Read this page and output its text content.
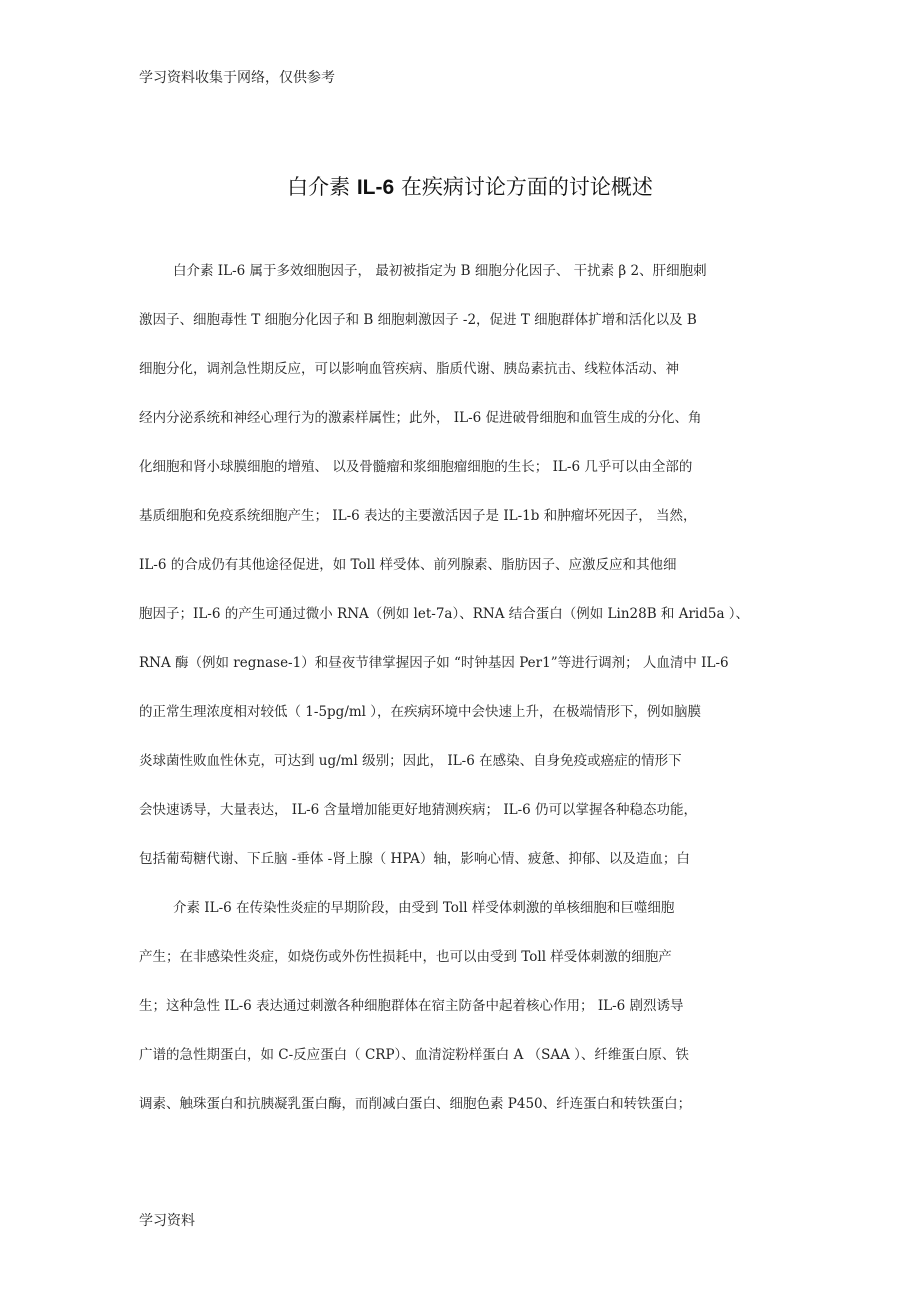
学习资料收集于网络，仅供参考
白介素 IL-6 在疾病讨论方面的讨论概述
白介素 IL-6 属于多效细胞因子， 最初被指定为 B 细胞分化因子、 干扰素 β 2、肝细胞刺
激因子、细胞毒性 T 细胞分化因子和 B 细胞刺激因子 -2，促进 T 细胞群体扩增和活化以及 B
细胞分化，调剂急性期反应，可以影响血管疾病、脂质代谢、胰岛素抗击、线粒体活动、神
经内分泌系统和神经心理行为的激素样属性；此外， IL-6 促进破骨细胞和血管生成的分化、角
化细胞和肾小球膜细胞的增殖、 以及骨髓瘤和浆细胞瘤细胞的生长； IL-6 几乎可以由全部的
基质细胞和免疫系统细胞产生； IL-6 表达的主要激活因子是 IL-1b 和肿瘤坏死因子， 当然，
IL-6 的合成仍有其他途径促进，如 Toll 样受体、前列腺素、脂肪因子、应激反应和其他细
胞因子；IL-6 的产生可通过微小 RNA（例如 let-7a）、RNA 结合蛋白（例如 Lin28B 和 Arid5a ）、
RNA 酶（例如 regnase-1）和昼夜节律掌握因子如 “时钟基因 Per1”等进行调剂； 人血清中 IL-6
的正常生理浓度相对较低（ 1-5pg/ml ），在疾病环境中会快速上升，在极端情形下，例如脑膜
炎球菌性败血性休克，可达到 ug/ml 级别；因此， IL-6 在感染、自身免疫或癌症的情形下
会快速诱导，大量表达， IL-6 含量增加能更好地猜测疾病； IL-6 仍可以掌握各种稳态功能，
包括葡萄糖代谢、下丘脑 -垂体 -肾上腺（ HPA）轴，影响心情、疲惫、抑郁、以及造血；白
介素 IL-6 在传染性炎症的早期阶段，由受到 Toll 样受体刺激的单核细胞和巨噬细胞
产生；在非感染性炎症，如烧伤或外伤性损耗中，也可以由受到 Toll 样受体刺激的细胞产
生；这种急性 IL-6 表达通过刺激各种细胞群体在宿主防备中起着核心作用； IL-6 剧烈诱导
广谱的急性期蛋白，如 C-反应蛋白（ CRP）、血清淀粉样蛋白 A （SAA ）、纤维蛋白原、铁
调素、触珠蛋白和抗胰凝乳蛋白酶，而削减白蛋白、细胞色素 P450、纤连蛋白和转铁蛋白；
学习资料
